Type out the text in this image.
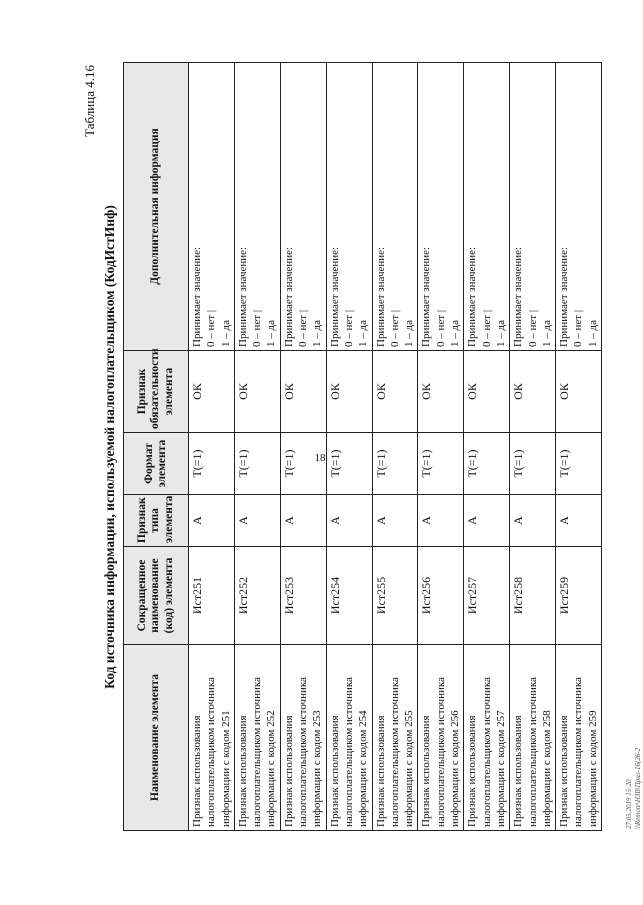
18
Таблица 4.16
Код источника информации, используемой налогоплательщиком (КодИстИнф)
Наименование элемента	Сокращенное наименование (код) элемента	Признак типа элемента	Формат элемента	Признак обязательности элемента	Дополнительная информация
Признак использования налогоплательщиком источника информации с кодом 251	Ист251	А	T(=1)	ОК	Принимает значение:
0 – нет |
1 – да
Признак использования налогоплательщиком источника информации с кодом 252	Ист252	А	T(=1)	ОК	Принимает значение:
0 – нет |
1 – да
Признак использования налогоплательщиком источника информации с кодом 253	Ист253	А	T(=1)	ОК	Принимает значение:
0 – нет |
1 – да
Признак использования налогоплательщиком источника информации с кодом 254	Ист254	А	T(=1)	ОК	Принимает значение:
0 – нет |
1 – да
Признак использования налогоплательщиком источника информации с кодом 255	Ист255	А	T(=1)	ОК	Принимает значение:
0 – нет |
1 – да
Признак использования налогоплательщиком источника информации с кодом 256	Ист256	А	T(=1)	ОК	Принимает значение:
0 – нет |
1 – да
Признак использования налогоплательщиком источника информации с кодом 257	Ист257	А	T(=1)	ОК	Принимает значение:
0 – нет |
1 – да
Признак использования налогоплательщиком источника информации с кодом 258	Ист258	А	T(=1)	ОК	Принимает значение:
0 – нет |
1 – да
Признак использования налогоплательщиком источника информации с кодом 259	Ист259	А	T(=1)	ОК	Принимает значение:
0 – нет |
1 – да
27.05.2019 15:20 \\Remote\НЗВ\Прил-16(26-2
